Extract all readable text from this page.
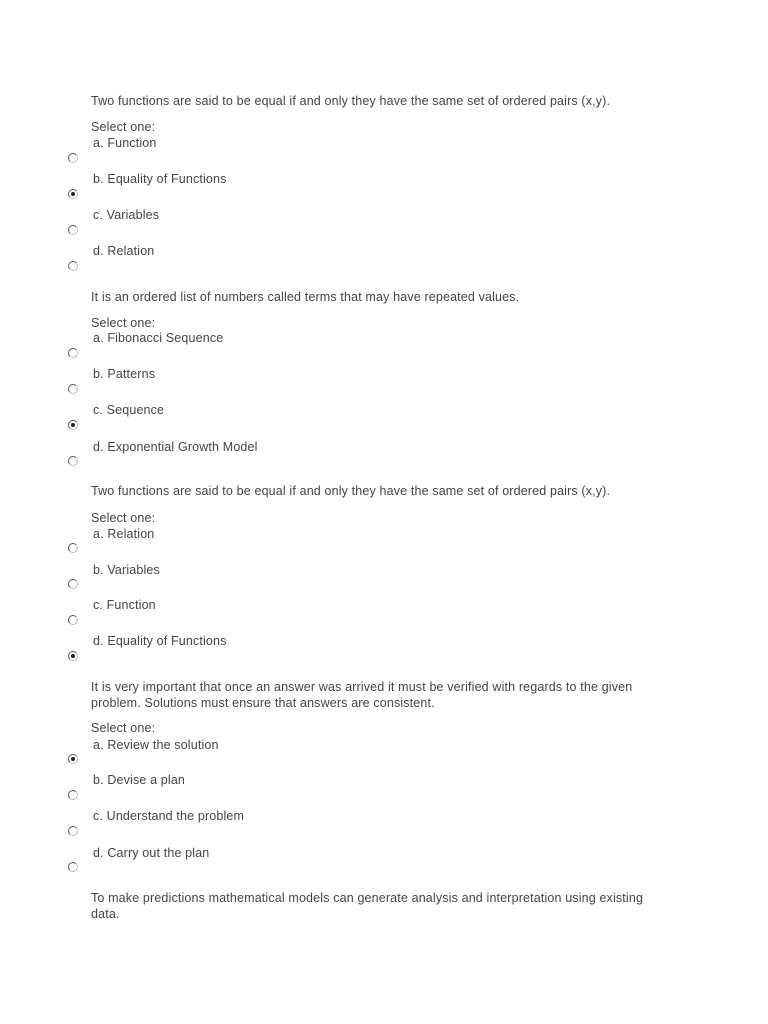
Two functions are said to be equal if and only they have the same set of ordered pairs (x,y).
Select one:
a. Function
b. Equality of Functions
c. Variables
d. Relation
It is an ordered list of numbers called terms that may have repeated values.
Select one:
a. Fibonacci Sequence
b. Patterns
c. Sequence
d. Exponential Growth Model
Two functions are said to be equal if and only they have the same set of ordered pairs (x,y).
Select one:
a. Relation
b. Variables
c. Function
d. Equality of Functions
It is very important that once an answer was arrived it must be verified with regards to the given problem. Solutions must ensure that answers are consistent.
Select one:
a. Review the solution
b. Devise a plan
c. Understand the problem
d. Carry out the plan
To make predictions mathematical models can generate analysis and interpretation using existing data.
